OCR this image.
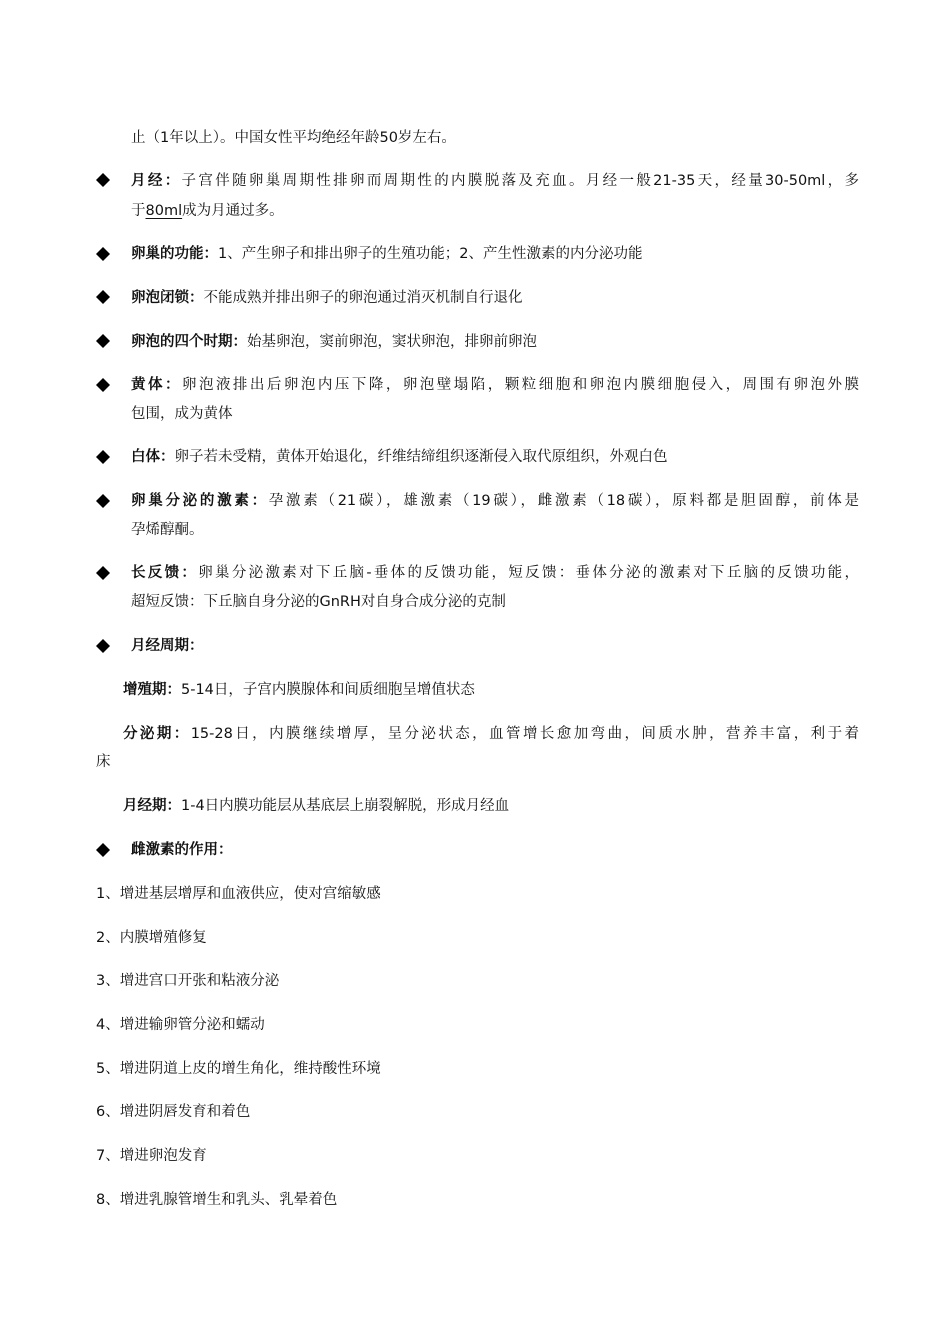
止（1年以上）。中国女性平均绝经年龄50岁左右。
月经：子宫伴随卵巢周期性排卵而周期性的内膜脱落及充血。月经一般21-35天，经量30-50ml，多
于80ml成为月通过多。
卵巢的功能：1、产生卵子和排出卵子的生殖功能；2、产生性激素的内分泌功能
卵泡闭锁：不能成熟并排出卵子的卵泡通过消灭机制自行退化
卵泡的四个时期：始基卵泡，窦前卵泡，窦状卵泡，排卵前卵泡
黄体：卵泡液排出后卵泡内压下降，卵泡壁塌陷，颗粒细胞和卵泡内膜细胞侵入，周围有卵泡外膜
包围，成为黄体
白体：卵子若未受精，黄体开始退化，纤维结缔组织逐渐侵入取代原组织，外观白色
卵巢分泌的激素：孕激素（21碳），雄激素（19碳），雌激素（18碳），原料都是胆固醇，前体是
孕烯醇酮。
长反馈：卵巢分泌激素对下丘脑-垂体的反馈功能，短反馈：垂体分泌的激素对下丘脑的反馈功能，
超短反馈：下丘脑自身分泌的GnRH对自身合成分泌的克制
月经周期：
增殖期：5-14日，子宫内膜腺体和间质细胞呈增值状态
分泌期：15-28日，内膜继续增厚，呈分泌状态，血管增长愈加弯曲，间质水肿，营养丰富，利于着
床
月经期：1-4日内膜功能层从基底层上崩裂解脱，形成月经血
雌激素的作用：
1、增进基层增厚和血液供应，使对宫缩敏感
2、内膜增殖修复
3、增进宫口开张和粘液分泌
4、增进输卵管分泌和蠕动
5、增进阴道上皮的增生角化，维持酸性环境
6、增进阴唇发育和着色
7、增进卵泡发育
8、增进乳腺管增生和乳头、乳晕着色
